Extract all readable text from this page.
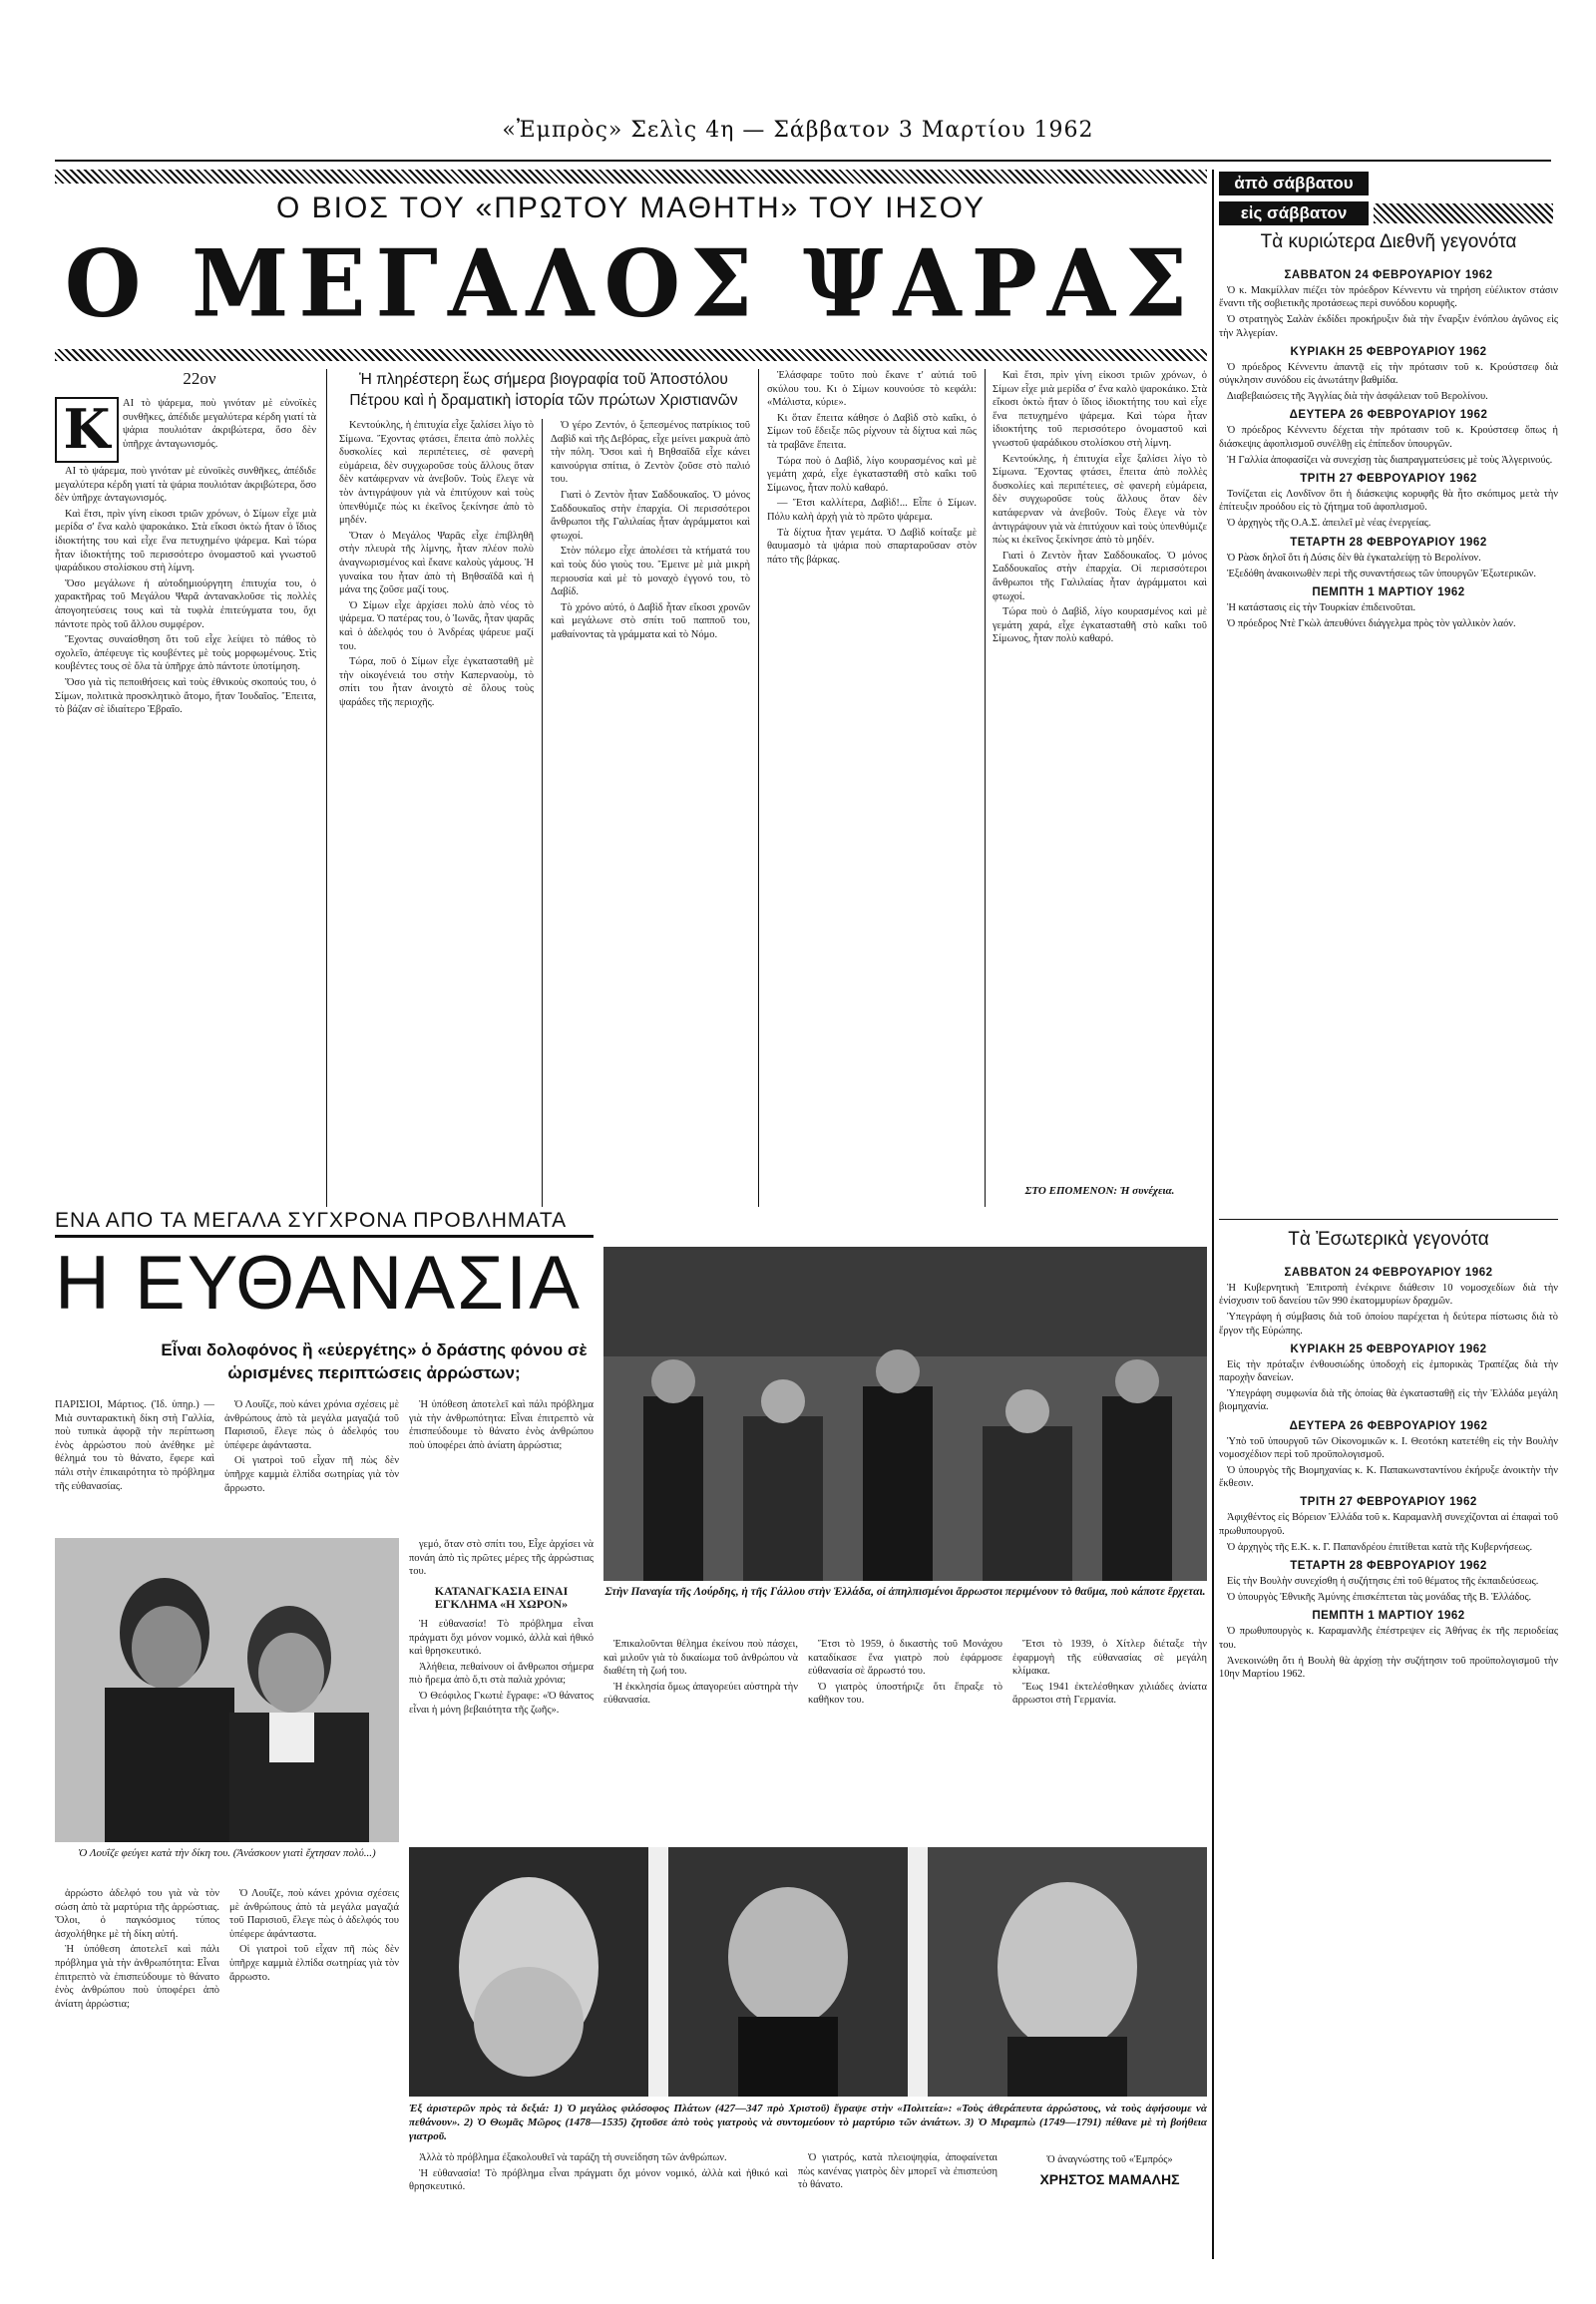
«Ἐμπρὸς» Σελὶς 4η — Σάββατον 3 Μαρτίου 1962
Ο ΒΙΟΣ ΤΟΥ «ΠΡΩΤΟΥ ΜΑΘΗΤΗ» ΤΟΥ ΙΗΣΟΥ
Ο ΜΕΓΑΛΟΣ ΨΑΡΑΣ
22ον
Κ

ΑΙ τὸ ψάρεμα, ποὺ γινόταν μὲ εὐνοϊκὲς συνθῆκες, ἀπέδιδε μεγαλύτερα κέρδη γιατί τὰ ψάρια πουλιόταν ἀκριβώτερα, ὅσο δὲν ὑπῆρχε ἀνταγωνισμός.

Καὶ ἔτσι, πρὶν γίνη εἰκοσι τριῶν χρόνων, ὁ Σίμων εἶχε μιὰ μερίδα σ' ἕνα καλὸ ψαροκάικο. Στὰ εἴκοσι ὀκτὼ ἤταν ὁ ἴδιος ἰδιοκτήτης του καὶ εἶχε ἕνα πετυχημένο ψάρεμα. Καὶ τώρα ἦταν ἰδιοκτήτης τοῦ περισσότερο ὀνομαστοῦ καὶ γνωστοῦ ψαράδικου στολίσκου στὴ λίμνη.

Ὅσο μεγάλωνε ἡ αὐτοδημιούργητη ἐπιτυχία του, ὁ χαρακτῆρας τοῦ Μεγάλου Ψαρᾶ ἀντανακλοῦσε τὶς πολλὲς ἀπογοητεύσεις τους καὶ τὰ τυφλὰ ἐπιτεύγματα του, ὄχι πάντοτε πρὸς τοῦ ἄλλου συμφέρον.

Ἔχοντας συναίσθηση ὅτι τοῦ εἶχε λείψει τὸ πάθος τὸ σχολεῖο, ἀπέφευγε τὶς κουβέντες μὲ τοὺς μορφωμένους. Στὶς κουβέντες τους σὲ ὅλα τὰ ὑπῆρχε ἀπὸ πάντοτε ὑποτίμηση.

Ὅσο γιὰ τὶς πεποιθήσεις καὶ τοὺς ἐθνικοὺς σκοπούς του, ὁ Σίμων, πολιτικὰ προσκλητικὸ ἄτομο, ἤταν Ἰουδαῖος. Ἔπειτα, τὸ βάζαν σὲ ἰδιαίτερο Ἑβραῖο.

ΑΙ τὸ ψάρεμα, ποὺ γινόταν μὲ εὐνοϊκὲς συνθῆκες, ἀπέδιδε μεγαλύτερα κέρδη γιατί τὰ ψάρια πουλιόταν ἀκριβώτερα, ὅσο δὲν ὑπῆρχε ἀνταγωνισμός.

Ἡ πληρέστερη ἕως σήμερα βιογραφία τοῦ Ἀποστόλου Πέτρου καὶ ἡ δραματικὴ ἱστορία τῶν πρώτων Χριστιανῶν

Κεντούκλης, ἡ ἐπιτυχία εἶχε ξαλίσει λίγο τὸ Σίμωνα. Ἔχοντας φτάσει, ἔπειτα ἀπὸ πολλὲς δυσκολίες καὶ περιπέτειες, σὲ φανερὴ εὐμάρεια, δὲν συγχωροῦσε τοὺς ἄλλους ὅταν δὲν κατάφερναν νὰ ἀνεβοῦν. Τοὺς ἔλεγε νὰ τὸν ἀντιγράψουν γιὰ νὰ ἐπιτύχουν καὶ τοὺς ὑπενθύμιζε πὼς κι ἐκεῖνος ξεκίνησε ἀπὸ τὸ μηδέν.

Ὅταν ὁ Μεγάλος Ψαρᾶς εἶχε ἐπιβληθῆ στὴν πλευρὰ τῆς λίμνης, ἦταν πλέον πολὺ ἀναγνωρισμένος καὶ ἔκανε καλοὺς γάμους. Ἡ γυναίκα του ἦταν ἀπὸ τὴ Βηθσαϊδᾶ καὶ ἡ μάνα της ζοῦσε μαζί τους.

Ὁ Σίμων εἶχε ἀρχίσει πολὺ ἀπὸ νέος τὸ ψάρεμα. Ὁ πατέρας του, ὁ Ἰωνᾶς, ἦταν ψαρᾶς καὶ ὁ ἀδελφός του ὁ Ἀνδρέας ψάρευε μαζί του.

Τώρα, ποῦ ὁ Σίμων εἶχε ἐγκατασταθῆ μὲ τὴν οἰκογένειά του στὴν Καπερναοὺμ, τὸ σπίτι του ἦταν ἀνοιχτὸ σὲ ὅλους τοὺς ψαράδες τῆς περιοχῆς.

Ὁ γέρο Ζεντόν, ὁ ξεπεσμένος πατρίκιος τοῦ Δαβὶδ καὶ τῆς Δεβόρας, εἶχε μείνει μακρυὰ ἀπὸ τὴν πόλη. Ὅσοι καὶ ἡ Βηθσαϊδᾶ εἶχε κάνει καινούργια σπίτια, ὁ Ζεντὸν ζοῦσε στὸ παλιό του.

Γιατὶ ὁ Ζεντὸν ἦταν Σαδδουκαῖος. Ὁ μόνος Σαδδουκαῖος στὴν ἐπαρχία. Οἱ περισσότεροι ἄνθρωποι τῆς Γαλιλαίας ἦταν ἀγράμματοι καὶ φτωχοί.

Στὸν πόλεμο εἶχε ἀπολέσει τὰ κτήματά του καὶ τοὺς δύο γιοὺς του. Ἔμεινε μὲ μιὰ μικρὴ περιουσία καὶ μὲ τὸ μοναχὸ ἐγγονό του, τὸ Δαβίδ.

Τὸ χρόνο αὐτό, ὁ Δαβὶδ ἦταν εἴκοσι χρονῶν καὶ μεγάλωνε στὸ σπίτι τοῦ παπποῦ του, μαθαίνοντας τὰ γράμματα καὶ τὸ Νόμο.

Ἐλάσφαρε τοῦτο ποὺ ἔκανε τ' αὐτιά τοῦ σκύλου του. Κι ὁ Σίμων κουνούσε τὸ κεφάλι: «Μάλιστα, κύριε».

Κι ὅταν ἔπειτα κάθησε ὁ Δαβὶδ στὸ καΐκι, ὁ Σίμων τοῦ ἔδειξε πῶς ρίχνουν τὰ δίχτυα καὶ πῶς τὰ τραβᾶνε ἔπειτα.

Τώρα ποὺ ὁ Δαβὶδ, λίγο κουρασμένος καὶ μὲ γεμάτη χαρά, εἶχε ἐγκατασταθῆ στὸ καΐκι τοῦ Σίμωνος, ἦταν πολὺ καθαρό.

— Ἔτσι καλλίτερα, Δαβὶδ!... Εἶπε ὁ Σίμων. Πόλυ καλὴ ἀρχὴ γιὰ τὸ πρῶτο ψάρεμα.

Τὰ δίχτυα ἦταν γεμάτα. Ὁ Δαβὶδ κοίταξε μὲ θαυμασμὸ τὰ ψάρια ποὺ σπαρταροῦσαν στὸν πάτο τῆς βάρκας.

Καὶ ἔτσι, πρὶν γίνη εἰκοσι τριῶν χρόνων, ὁ Σίμων εἶχε μιὰ μερίδα σ' ἕνα καλὸ ψαροκάικο. Στὰ εἴκοσι ὀκτὼ ἤταν ὁ ἴδιος ἰδιοκτήτης του καὶ εἶχε ἕνα πετυχημένο ψάρεμα. Καὶ τώρα ἦταν ἰδιοκτήτης τοῦ περισσότερο ὀνομαστοῦ καὶ γνωστοῦ ψαράδικου στολίσκου στὴ λίμνη.

Κεντούκλης, ἡ ἐπιτυχία εἶχε ξαλίσει λίγο τὸ Σίμωνα. Ἔχοντας φτάσει, ἔπειτα ἀπὸ πολλὲς δυσκολίες καὶ περιπέτειες, σὲ φανερὴ εὐμάρεια, δὲν συγχωροῦσε τοὺς ἄλλους ὅταν δὲν κατάφερναν νὰ ἀνεβοῦν. Τοὺς ἔλεγε νὰ τὸν ἀντιγράψουν γιὰ νὰ ἐπιτύχουν καὶ τοὺς ὑπενθύμιζε πὼς κι ἐκεῖνος ξεκίνησε ἀπὸ τὸ μηδέν.

Γιατὶ ὁ Ζεντὸν ἦταν Σαδδουκαῖος. Ὁ μόνος Σαδδουκαῖος στὴν ἐπαρχία. Οἱ περισσότεροι ἄνθρωποι τῆς Γαλιλαίας ἦταν ἀγράμματοι καὶ φτωχοί.

Τώρα ποὺ ὁ Δαβὶδ, λίγο κουρασμένος καὶ μὲ γεμάτη χαρά, εἶχε ἐγκατασταθῆ στὸ καΐκι τοῦ Σίμωνος, ἦταν πολὺ καθαρό.

ΣΤΟ ΕΠΟΜΕΝΟΝ: Ἡ συνέχεια.
ΕΝΑ ΑΠΟ ΤΑ ΜΕΓΑΛΑ ΣΥΓΧΡΟΝΑ ΠΡΟΒΛΗΜΑΤΑ
Η ΕΥΘΑΝΑΣΙΑ
Εἶναι δολοφόνος ἢ «εὐεργέτης» ὁ δράστης φόνου σὲ ὡρισμένες περιπτώσεις ἀρρώστων;

ΠΑΡΙΣΙΟΙ, Μάρτιος. (Ἰδ. ὑπηρ.) — Μιὰ συνταρακτικὴ δίκη στὴ Γαλλία, ποὺ τυπικὰ ἀφορᾷ τὴν περίπτωση ἑνὸς ἀρρώστου ποὺ ἀνέθηκε μὲ θέλημά του τὸ θάνατο, ἔφερε καὶ πάλι στὴν ἐπικαιρότητα τὸ πρόβλημα τῆς εὐθανασίας.

Ὁ Λουΐζε, ποὺ κάνει χρόνια σχέσεις μὲ ἀνθρώπους ἀπὸ τὰ μεγάλα μαγαζιά τοῦ Παρισιοῦ, ἔλεγε πὼς ὁ ἀδελφός του ὑπέφερε ἀφάνταστα.

Οἱ γιατροὶ τοῦ εἶχαν πῆ πὼς δὲν ὑπῆρχε καμμιὰ ἐλπίδα σωτηρίας γιὰ τὸν ἄρρωστο.

Ἡ ὑπόθεση ἀποτελεῖ καὶ πάλι πρόβλημα γιὰ τὴν ἀνθρωπότητα: Εἶναι ἐπιτρεπτὸ νὰ ἐπισπεύδουμε τὸ θάνατο ἑνὸς ἀνθρώπου ποὺ ὑποφέρει ἀπὸ ἀνίατη ἀρρώστια;

Ὁ Λουΐζε φεύγει κατὰ τὴν δίκη του. (Ἀνάσκουν γιατὶ ἔχτησαν πολύ...)

γεμό, ὅταν στὸ σπίτι του, Εἶχε ἀρχίσει νὰ πονάη ἀπὸ τὶς πρῶτες μέρες τῆς ἀρρώστιας του.

ΚΑΤΑΝΑΓΚΑΣΙΑ ΕΙΝΑΙ ΕΓΚΛΗΜΑ «Η ΧΩΡΟΝ»

Ἡ εὐθανασία! Τὸ πρόβλημα εἶναι πράγματι ὄχι μόνον νομικό, ἀλλὰ καὶ ἠθικό καὶ θρησκευτικό.

Ἀλήθεια, πεθαίνουν οἱ ἄνθρωποι σήμερα πιὸ ἤρεμα ἀπὸ ὅ,τι στὰ παλιὰ χρόνια;

Ὁ Θεόφιλος Γκωτιὲ ἔγραφε: «Ὁ θάνατος εἶναι ἡ μόνη βεβαιότητα τῆς ζωῆς».

ἀρρώστο ἀδελφό του γιὰ νὰ τὸν σώση ἀπὸ τὰ μαρτύρια τῆς ἀρρώστιας. Ὅλοι, ὁ παγκόσμιος τύπος ἀσχολήθηκε μὲ τὴ δίκη αὐτή.

Ἡ ὑπόθεση ἀποτελεῖ καὶ πάλι πρόβλημα γιὰ τὴν ἀνθρωπότητα: Εἶναι ἐπιτρεπτὸ νὰ ἐπισπεύδουμε τὸ θάνατο ἑνὸς ἀνθρώπου ποὺ ὑποφέρει ἀπὸ ἀνίατη ἀρρώστια;

Ὁ Λουΐζε, ποὺ κάνει χρόνια σχέσεις μὲ ἀνθρώπους ἀπὸ τὰ μεγάλα μαγαζιά τοῦ Παρισιοῦ, ἔλεγε πὼς ὁ ἀδελφός του ὑπέφερε ἀφάνταστα.

Οἱ γιατροὶ τοῦ εἶχαν πῆ πὼς δὲν ὑπῆρχε καμμιὰ ἐλπίδα σωτηρίας γιὰ τὸν ἄρρωστο.

Στὴν Παναγία τῆς Λούρδης, ἡ τῆς Γάλλου στὴν Ἑλλάδα, οἱ ἀπηλπισμένοι ἄρρωστοι περιμένουν τὸ θαῦμα, ποὺ κάποτε ἔρχεται.

Ἐπικαλοῦνται θέλημα ἐκείνου ποὺ πάσχει, καὶ μιλοῦν γιὰ τὸ δικαίωμα τοῦ ἀνθρώπου νὰ διαθέτη τὴ ζωή του.

Ἡ ἐκκλησία ὅμως ἀπαγορεύει αὐστηρὰ τὴν εὐθανασία.

Ἔτσι τὸ 1959, ὁ δικαστὴς τοῦ Μονάχου καταδίκασε ἕνα γιατρὸ ποὺ ἐφάρμοσε εὐθανασία σὲ ἄρρωστό του.

Ὁ γιατρὸς ὑποστήριζε ὅτι ἔπραξε τὸ καθῆκον του.

Ἔτσι τὸ 1939, ὁ Χίτλερ διέταξε τὴν ἐφαρμογὴ τῆς εὐθανασίας σὲ μεγάλη κλίμακα.

Ἕως 1941 ἐκτελέσθηκαν χιλιάδες ἀνίατα ἄρρωστοι στὴ Γερμανία.

Ἐξ ἀριστερῶν πρὸς τὰ δεξιά: 1) Ὁ μεγάλος φιλόσοφος Πλάτων (427—347 πρὸ Χριστοῦ) ἔγραψε στὴν «Πολιτεία»: «Τοὺς ἀθεράπευτα ἀρρώστους, νὰ τοὺς ἀφήσουμε νὰ πεθάνουν». 2) Ὁ Θωμᾶς Μῶρος (1478—1535) ζητοῦσε ἀπὸ τοὺς γιατροὺς νὰ συντομεύουν τὸ μαρτύριο τῶν ἀνιάτων. 3) Ὁ Μιραμπὼ (1749—1791) πέθανε μὲ τὴ βοήθεια γιατροῦ.

Ἀλλὰ τὸ πρόβλημα ἐξακολουθεῖ νὰ ταράζη τὴ συνείδηση τῶν ἀνθρώπων.

Ἡ εὐθανασία! Τὸ πρόβλημα εἶναι πράγματι ὄχι μόνον νομικό, ἀλλὰ καὶ ἠθικό καὶ θρησκευτικό.

Ὁ γιατρός, κατὰ πλειοψηφία, ἀποφαίνεται πὼς κανένας γιατρὸς δὲν μπορεῖ νὰ ἐπισπεύση τὸ θάνατο.

Ὁ ἀναγνώστης τοῦ «Ἐμπρός»
ΧΡΗΣΤΟΣ ΜΑΜΑΛΗΣ
ἀπὸ σάββατου
εἰς σάββατον
Τὰ κυριώτερα Διεθνῆ γεγονότα
ΣΑΒΒΑΤΟΝ 24 ΦΕΒΡΟΥΑΡΙΟΥ 1962

Ὁ κ. Μακμίλλαν πιέζει τὸν πρόεδρον Κέννεντυ νὰ τηρήση εὐέλικτον στάσιν ἔναντι τῆς σοβιετικῆς προτάσεως περὶ συνόδου κορυφῆς.

Ὁ στρατηγὸς Σαλὰν ἐκδίδει προκήρυξιν διὰ τὴν ἔναρξιν ἐνόπλου ἀγῶνος εἰς τὴν Ἀλγερίαν.

ΚΥΡΙΑΚΗ 25 ΦΕΒΡΟΥΑΡΙΟΥ 1962

Ὁ πρόεδρος Κέννεντυ ἀπαντᾷ εἰς τὴν πρότασιν τοῦ κ. Κρούστσεφ διὰ σύγκλησιν συνόδου εἰς ἀνωτάτην βαθμίδα.

Διαβεβαιώσεις τῆς Ἀγγλίας διὰ τὴν ἀσφάλειαν τοῦ Βερολίνου.

ΔΕΥΤΕΡΑ 26 ΦΕΒΡΟΥΑΡΙΟΥ 1962

Ὁ πρόεδρος Κέννεντυ δέχεται τὴν πρότασιν τοῦ κ. Κρούστσεφ ὅπως ἡ διάσκεψις ἀφοπλισμοῦ συνέλθῃ εἰς ἐπίπεδον ὑπουργῶν.

Ἡ Γαλλία ἀποφασίζει νὰ συνεχίσῃ τὰς διαπραγματεύσεις μὲ τοὺς Ἀλγερινούς.

ΤΡΙΤΗ 27 ΦΕΒΡΟΥΑΡΙΟΥ 1962

Τονίζεται εἰς Λονδῖνον ὅτι ἡ διάσκεψις κορυφῆς θὰ ἦτο σκόπιμος μετὰ τὴν ἐπίτευξιν προόδου εἰς τὸ ζήτημα τοῦ ἀφοπλισμοῦ.

Ὁ ἀρχηγὸς τῆς Ο.Α.Σ. ἀπειλεῖ μὲ νέας ἐνεργείας.

ΤΕΤΑΡΤΗ 28 ΦΕΒΡΟΥΑΡΙΟΥ 1962

Ὁ Ρὰσκ δηλοῖ ὅτι ἡ Δύσις δὲν θὰ ἐγκαταλείψῃ τὸ Βερολίνον.

Ἐξεδόθη ἀνακοινωθὲν περὶ τῆς συναντήσεως τῶν ὑπουργῶν Ἐξωτερικῶν.

ΠΕΜΠΤΗ 1 ΜΑΡΤΙΟΥ 1962

Ἡ κατάστασις εἰς τὴν Τουρκίαν ἐπιδεινοῦται.

Ὁ πρόεδρος Ντὲ Γκὼλ ἀπευθύνει διάγγελμα πρὸς τὸν γαλλικὸν λαόν.

Τὰ Ἐσωτερικὰ γεγονότα
ΣΑΒΒΑΤΟΝ 24 ΦΕΒΡΟΥΑΡΙΟΥ 1962

Ἡ Κυβερνητικὴ Ἐπιτροπὴ ἐνέκρινε διάθεσιν 10 νομοσχεδίων διὰ τὴν ἐνίσχυσιν τοῦ δανείου τῶν 990 ἑκατομμυρίων δραχμῶν.

Ὑπεγράφη ἡ σύμβασις διὰ τοῦ ὁποίου παρέχεται ἡ δεύτερα πίστωσις διὰ τὸ ἔργον τῆς Εὐρώπης.

ΚΥΡΙΑΚΗ 25 ΦΕΒΡΟΥΑΡΙΟΥ 1962

Εἰς τὴν πρόταξιν ἐνθουσιώδης ὑποδοχὴ εἰς ἐμπορικὰς Τραπέζας διὰ τὴν παροχὴν δανείων.

Ὑπεγράφη συμφωνία διὰ τῆς ὁποίας θὰ ἐγκατασταθῇ εἰς τὴν Ἑλλάδα μεγάλη βιομηχανία.

ΔΕΥΤΕΡΑ 26 ΦΕΒΡΟΥΑΡΙΟΥ 1962

Ὑπὸ τοῦ ὑπουργοῦ τῶν Οἰκονομικῶν κ. Ι. Θεοτόκη κατετέθη εἰς τὴν Βουλὴν νομοσχέδιον περὶ τοῦ προϋπολογισμοῦ.

Ὁ ὑπουργὸς τῆς Βιομηχανίας κ. Κ. Παπακωνσταντίνου ἐκήρυξε ἀνοικτὴν τὴν ἔκθεσιν.

ΤΡΙΤΗ 27 ΦΕΒΡΟΥΑΡΙΟΥ 1962

Ἀφιχθέντος εἰς Βόρειον Ἑλλάδα τοῦ κ. Καραμανλῆ συνεχίζονται αἱ ἐπαφαὶ τοῦ πρωθυπουργοῦ.

Ὁ ἀρχηγὸς τῆς Ε.Κ. κ. Γ. Παπανδρέου ἐπιτίθεται κατὰ τῆς Κυβερνήσεως.

ΤΕΤΑΡΤΗ 28 ΦΕΒΡΟΥΑΡΙΟΥ 1962

Εἰς τὴν Βουλὴν συνεχίσθη ἡ συζήτησις ἐπὶ τοῦ θέματος τῆς ἐκπαιδεύσεως.

Ὁ ὑπουργὸς Ἐθνικῆς Ἀμύνης ἐπισκέπτεται τὰς μονάδας τῆς Β. Ἑλλάδος.

ΠΕΜΠΤΗ 1 ΜΑΡΤΙΟΥ 1962

Ὁ πρωθυπουργὸς κ. Καραμανλῆς ἐπέστρεψεν εἰς Ἀθήνας ἐκ τῆς περιοδείας του.

Ἀνεκοινώθη ὅτι ἡ Βουλὴ θὰ ἀρχίσῃ τὴν συζήτησιν τοῦ προϋπολογισμοῦ τὴν 10ην Μαρτίου 1962.
